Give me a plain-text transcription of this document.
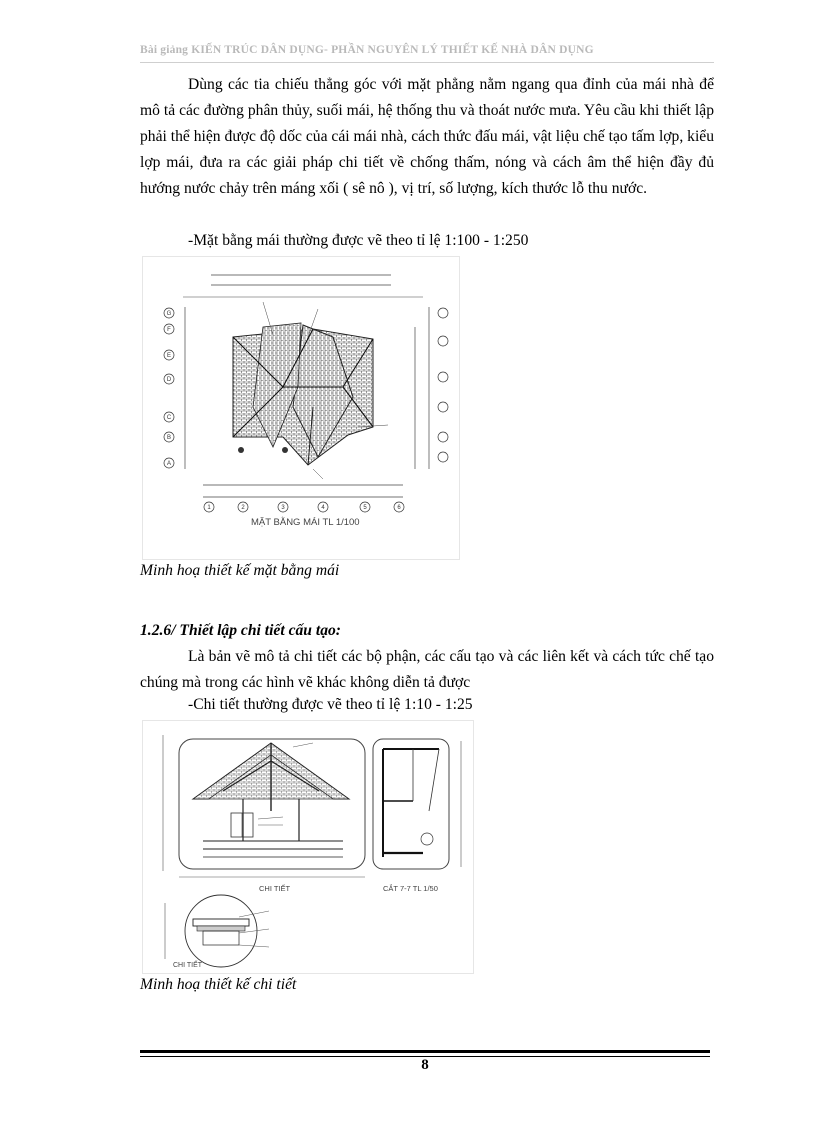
Bài giảng KIẾN TRÚC DÂN DỤNG- PHẦN NGUYÊN LÝ THIẾT KẾ NHÀ DÂN DỤNG
Dùng các tia chiếu thẳng góc với mặt phẳng nằm ngang qua đỉnh của mái nhà để mô tả các đường phân thủy, suối mái, hệ thống thu và thoát nước mưa. Yêu cầu khi thiết lập phải thể hiện được độ dốc của cái mái nhà, cách thức đấu mái, vật liệu chế tạo tấm lợp, kiểu lợp mái, đưa ra các giải pháp chi tiết về chống thấm, nóng và cách âm thể hiện đầy đủ hướng nước chảy trên máng xối ( sê nô ), vị trí, số lượng, kích thước lỗ thu nước.
-Mặt bằng mái thường được vẽ theo tỉ lệ 1:100 - 1:250
G
F
E
D
C
B
A
1	2	3	4	5	6
MẶT BẰNG MÁI TL 1/100
Minh hoạ thiết kế mặt bằng mái
1.2.6/ Thiết lập chi tiết cấu tạo:
Là bản vẽ mô tả chi tiết các bộ phận, các cấu tạo và các liên kết và cách tức chế tạo chúng mà trong các hình vẽ khác không diễn tả được
-Chi tiết thường được vẽ theo tỉ lệ 1:10 - 1:25
CHI TIẾT	CẮT 7-7 TL 1/50
CHI TIẾT
Minh hoạ thiết kế chi tiết
8
